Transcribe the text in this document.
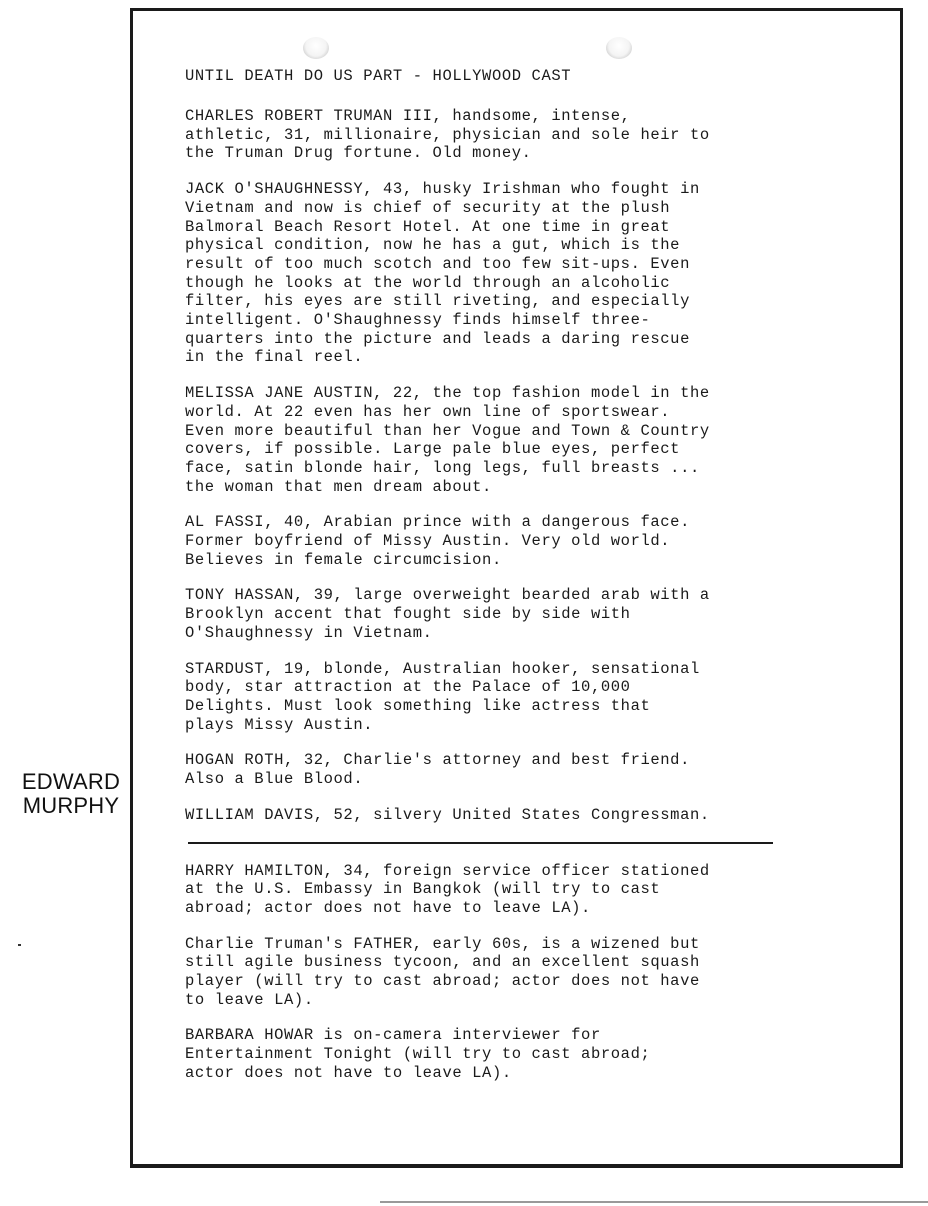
UNTIL DEATH DO US PART - HOLLYWOOD CAST

CHARLES ROBERT TRUMAN III, handsome, intense,
athletic, 31, millionaire, physician and sole heir to
the Truman Drug fortune. Old money.

JACK O'SHAUGHNESSY, 43, husky Irishman who fought in
Vietnam and now is chief of security at the plush
Balmoral Beach Resort Hotel. At one time in great
physical condition, now he has a gut, which is the
result of too much scotch and too few sit-ups. Even
though he looks at the world through an alcoholic
filter, his eyes are still riveting, and especially
intelligent. O'Shaughnessy finds himself three-
quarters into the picture and leads a daring rescue
in the final reel.

MELISSA JANE AUSTIN, 22, the top fashion model in the
world. At 22 even has her own line of sportswear.
Even more beautiful than her Vogue and Town & Country
covers, if possible. Large pale blue eyes, perfect
face, satin blonde hair, long legs, full breasts ...
the woman that men dream about.

AL FASSI, 40, Arabian prince with a dangerous face.
Former boyfriend of Missy Austin. Very old world.
Believes in female circumcision.

TONY HASSAN, 39, large overweight bearded arab with a
Brooklyn accent that fought side by side with
O'Shaughnessy in Vietnam.

STARDUST, 19, blonde, Australian hooker, sensational
body, star attraction at the Palace of 10,000
Delights. Must look something like actress that
plays Missy Austin.

HOGAN ROTH, 32, Charlie's attorney and best friend.
Also a Blue Blood.

WILLIAM DAVIS, 52, silvery United States Congressman.

HARRY HAMILTON, 34, foreign service officer stationed
at the U.S. Embassy in Bangkok (will try to cast
abroad; actor does not have to leave LA).

Charlie Truman's FATHER, early 60s, is a wizened but
still agile business tycoon, and an excellent squash
player (will try to cast abroad; actor does not have
to leave LA).

BARBARA HOWAR is on-camera interviewer for
Entertainment Tonight (will try to cast abroad;
actor does not have to leave LA).

EDWARD
MURPHY
